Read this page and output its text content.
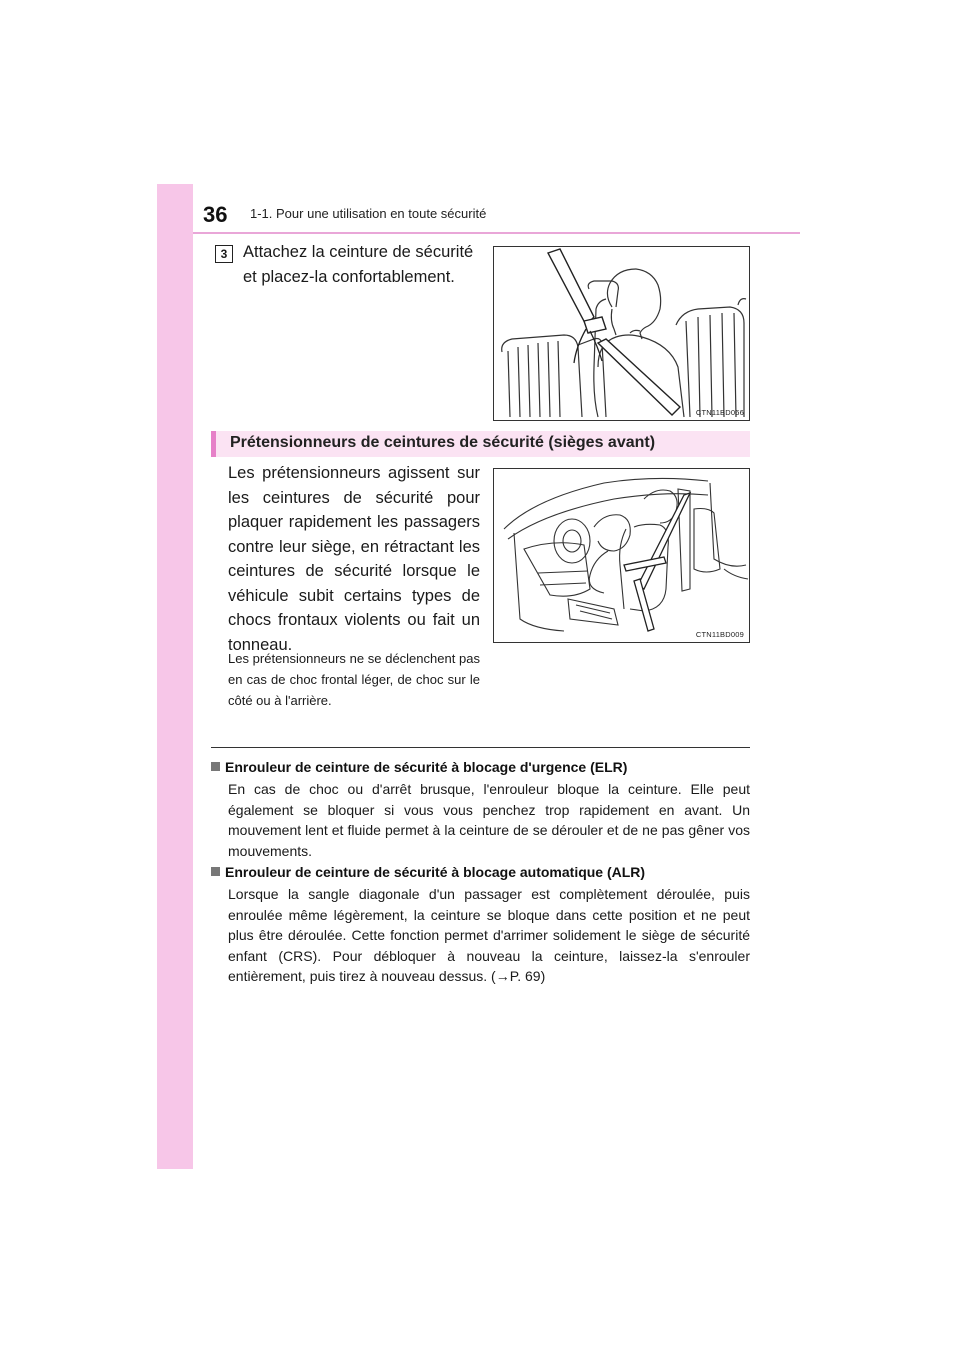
36 1-1. Pour une utilisation en toute sécurité
3 Attachez la ceinture de sécurité et placez-la confortablement.
CTN11BD066
Prétensionneurs de ceintures de sécurité (sièges avant)
Les prétensionneurs agissent sur les ceintures de sécurité pour plaquer rapidement les passagers contre leur siège, en rétractant les ceintures de sécurité lorsque le véhicule subit certains types de chocs frontaux violents ou fait un tonneau.
Les prétensionneurs ne se déclenchent pas en cas de choc frontal léger, de choc sur le côté ou à l'arrière.
CTN11BD009
Enrouleur de ceinture de sécurité à blocage d'urgence (ELR)
En cas de choc ou d'arrêt brusque, l'enrouleur bloque la ceinture. Elle peut également se bloquer si vous vous penchez trop rapidement en avant. Un mouvement lent et fluide permet à la ceinture de se dérouler et de ne pas gêner vos mouvements.
Enrouleur de ceinture de sécurité à blocage automatique (ALR)
Lorsque la sangle diagonale d'un passager est complètement déroulée, puis enroulée même légèrement, la ceinture se bloque dans cette position et ne peut plus être déroulée. Cette fonction permet d'arrimer solidement le siège de sécurité enfant (CRS). Pour débloquer à nouveau la ceinture, laissez-la s'enrouler entièrement, puis tirez à nouveau dessus. (→P. 69)
